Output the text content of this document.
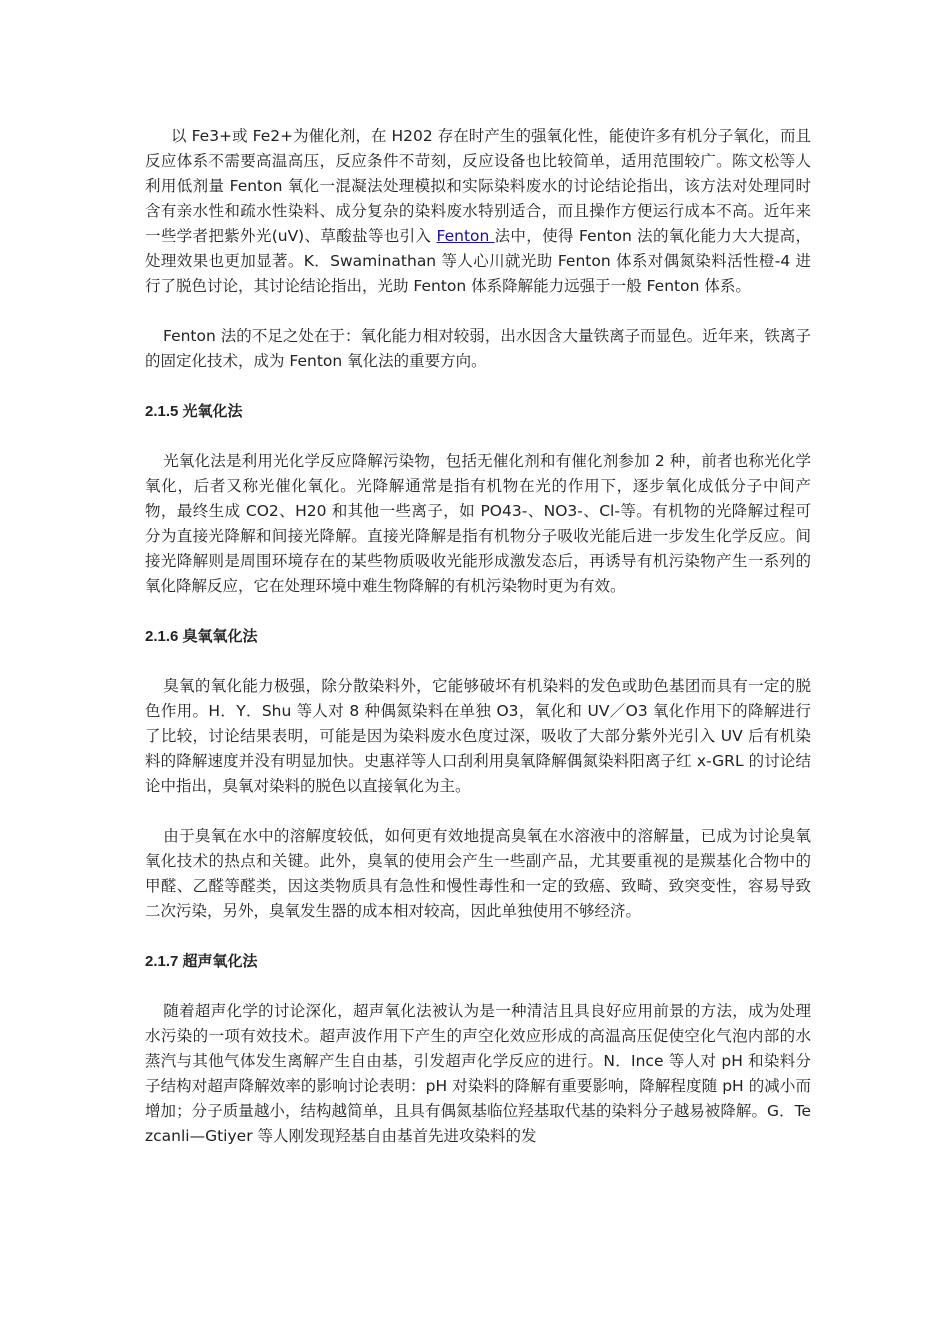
以 Fe3+或 Fe2+为催化剂，在 H202 存在时产生的强氧化性，能使许多有机分子氧化，而且反应体系不需要高温高压，反应条件不苛刻，反应设备也比较简单，适用范围较广。陈文松等人利用低剂量 Fenton 氧化一混凝法处理模拟和实际染料废水的讨论结论指出，该方法对处理同时含有亲水性和疏水性染料、成分复杂的染料废水特别适合，而且操作方便运行成本不高。近年来一些学者把紫外光(uV)、草酸盐等也引入 Fenton 法中，使得 Fenton 法的氧化能力大大提高，处理效果也更加显著。K．Swaminathan 等人心川就光助 Fenton 体系对偶氮染料活性橙-4 进行了脱色讨论，其讨论结论指出，光助 Fenton 体系降解能力远强于一般 Fenton 体系。

Fenton 法的不足之处在于：氧化能力相对较弱，出水因含大量铁离子而显色。近年来，铁离子的固定化技术，成为 Fenton 氧化法的重要方向。

2.1.5 光氧化法

光氧化法是利用光化学反应降解污染物，包括无催化剂和有催化剂参加 2 种，前者也称光化学氧化，后者又称光催化氧化。光降解通常是指有机物在光的作用下，逐步氧化成低分子中间产物，最终生成 CO2、H20 和其他一些离子，如 PO43-、NO3-、Cl-等。有机物的光降解过程可分为直接光降解和间接光降解。直接光降解是指有机物分子吸收光能后进一步发生化学反应。间接光降解则是周围环境存在的某些物质吸收光能形成激发态后，再诱导有机污染物产生一系列的氧化降解反应，它在处理环境中难生物降解的有机污染物时更为有效。

2.1.6 臭氧氧化法

臭氧的氧化能力极强，除分散染料外，它能够破坏有机染料的发色或助色基团而具有一定的脱色作用。H．Y．Shu 等人对 8 种偶氮染料在单独 O3，氧化和 UV／O3 氧化作用下的降解进行了比较，讨论结果表明，可能是因为染料废水色度过深，吸收了大部分紫外光引入 UV 后有机染料的降解速度并没有明显加快。史惠祥等人口刮利用臭氧降解偶氮染料阳离子红 x-GRL 的讨论结论中指出，臭氧对染料的脱色以直接氧化为主。

由于臭氧在水中的溶解度较低，如何更有效地提高臭氧在水溶液中的溶解量，已成为讨论臭氧氧化技术的热点和关键。此外，臭氧的使用会产生一些副产品，尤其要重视的是羰基化合物中的甲醛、乙醛等醛类，因这类物质具有急性和慢性毒性和一定的致癌、致畸、致突变性，容易导致二次污染，另外，臭氧发生器的成本相对较高，因此单独使用不够经济。

2.1.7 超声氧化法

随着超声化学的讨论深化，超声氧化法被认为是一种清洁且具良好应用前景的方法，成为处理水污染的一项有效技术。超声波作用下产生的声空化效应形成的高温高压促使空化气泡内部的水蒸汽与其他气体发生离解产生自由基，引发超声化学反应的进行。N．Ince 等人对 pH 和染料分子结构对超声降解效率的影响讨论表明：pH 对染料的降解有重要影响，降解程度随 pH 的减小而增加；分子质量越小，结构越简单，且具有偶氮基临位羟基取代基的染料分子越易被降解。G．Tezcanli—Gtiyer 等人刚发现羟基自由基首先进攻染料的发
